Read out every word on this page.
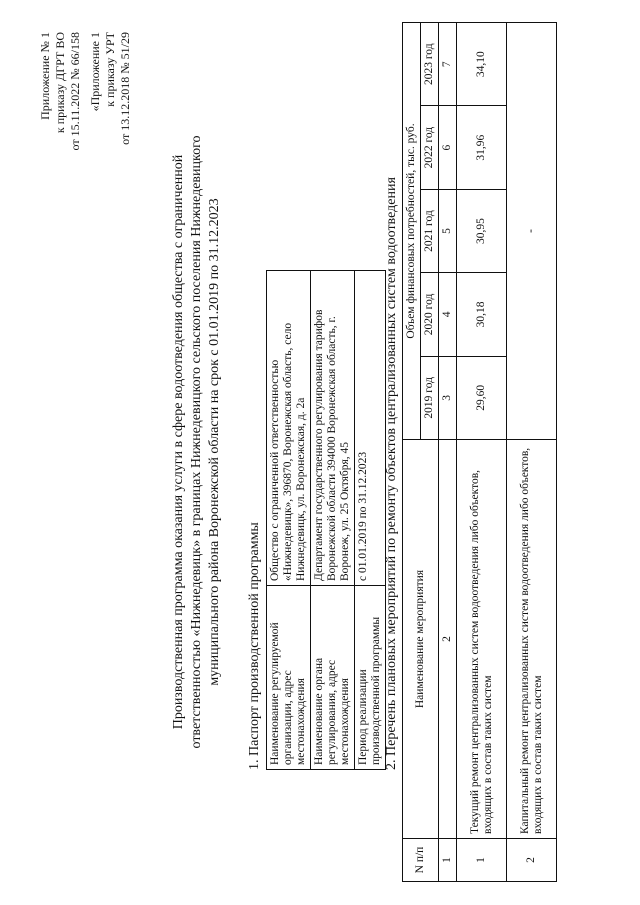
Приложение № 1 к приказу ДГРТ ВО от 15.11.2022 № 66/158 «Приложение 1 к приказу УРТ от 13.12.2018 № 51/29
Производственная программа оказания услуги в сфере водоотведения общества с ограниченной ответственностью «Нижнедевицк» в границах Нижнедевицкого сельского поселения Нижнедевицкого муниципального района Воронежской области на срок с 01.01.2019 по 31.12.2023 1. Паспорт производственной программы Наименование регулируемой организации, адрес местонахождения	Общество с ограниченной ответственностью «Нижнедевицк», 396870, Воронежская область, село Нижнедевицк, ул. Воронежская, д. 2а
Наименование органа регулирования, адрес местонахождения	Департамент государственного регулирования тарифов Воронежской области 394000 Воронежская область, г. Воронеж, ул. 25 Октября, 45
Период реализации производственной программы	с 01.01.2019 по 31.12.2023 2. Перечень плановых мероприятий по ремонту объектов централизованных систем водоотведения
N п/п	Наименование мероприятия	Объем финансовых потребностей, тыс. руб.				
		2019 год	2020 год	2021 год	2022 год	2023 год
1	2	3	4	5	6	7
1	Текущий ремонт централизованных систем водоотведения либо объектов, входящих в состав таких систем	29,60	30,18	30,95	31,96	34,10
2	Капитальный ремонт централизованных систем водоотведения либо объектов, входящих в состав таких систем	-				
